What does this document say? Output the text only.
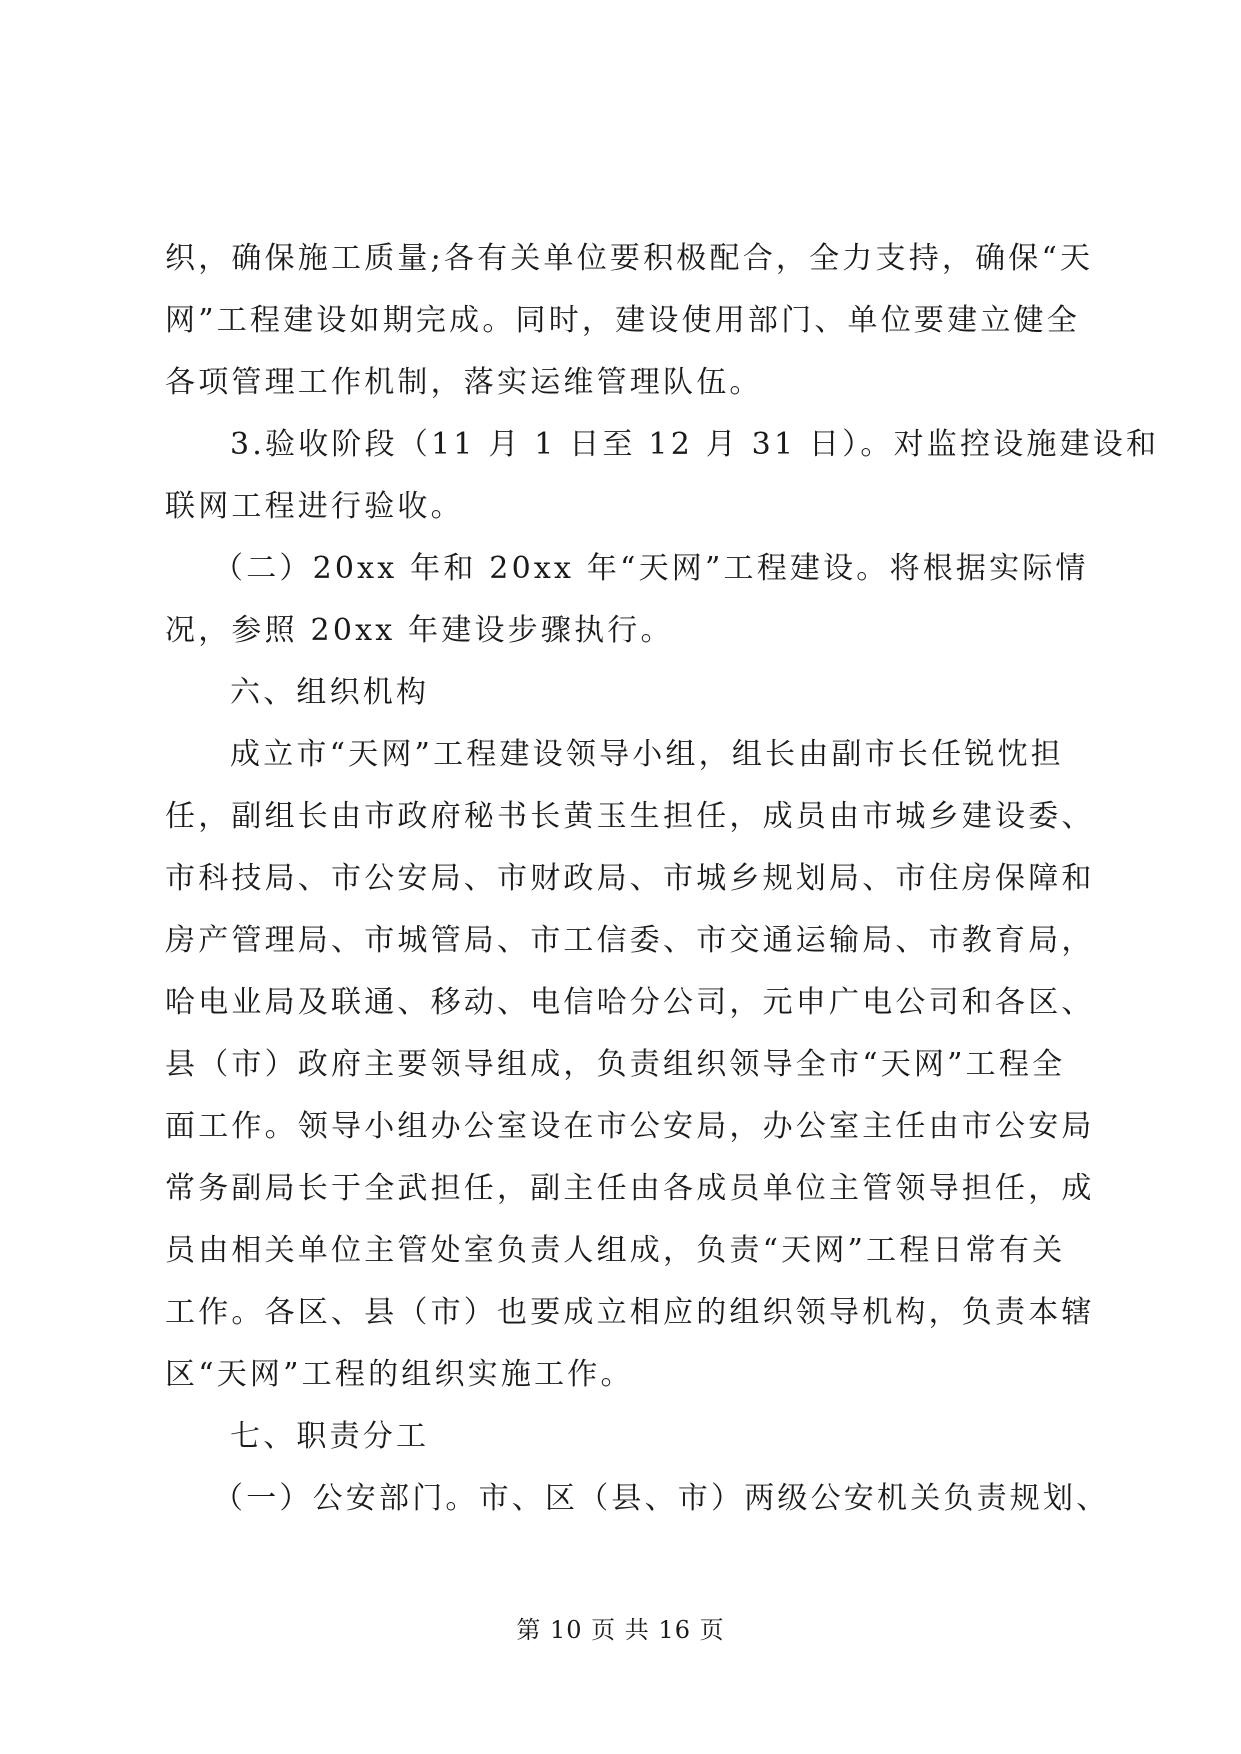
织，确保施工质量;各有关单位要积极配合，全力支持，确保“天
网”工程建设如期完成。同时，建设使用部门、单位要建立健全
各项管理工作机制，落实运维管理队伍。
3.验收阶段（11 月 1 日至 12 月 31 日）。对监控设施建设和
联网工程进行验收。
（二）20xx 年和 20xx 年“天网”工程建设。将根据实际情
况，参照 20xx 年建设步骤执行。
六、组织机构
成立市“天网”工程建设领导小组，组长由副市长任锐忱担
任，副组长由市政府秘书长黄玉生担任，成员由市城乡建设委、
市科技局、市公安局、市财政局、市城乡规划局、市住房保障和
房产管理局、市城管局、市工信委、市交通运输局、市教育局，
哈电业局及联通、移动、电信哈分公司，元申广电公司和各区、
县（市）政府主要领导组成，负责组织领导全市“天网”工程全
面工作。领导小组办公室设在市公安局，办公室主任由市公安局
常务副局长于全武担任，副主任由各成员单位主管领导担任，成
员由相关单位主管处室负责人组成，负责“天网”工程日常有关
工作。各区、县（市）也要成立相应的组织领导机构，负责本辖
区“天网”工程的组织实施工作。
七、职责分工
（一）公安部门。市、区（县、市）两级公安机关负责规划、
第 10 页 共 16 页
